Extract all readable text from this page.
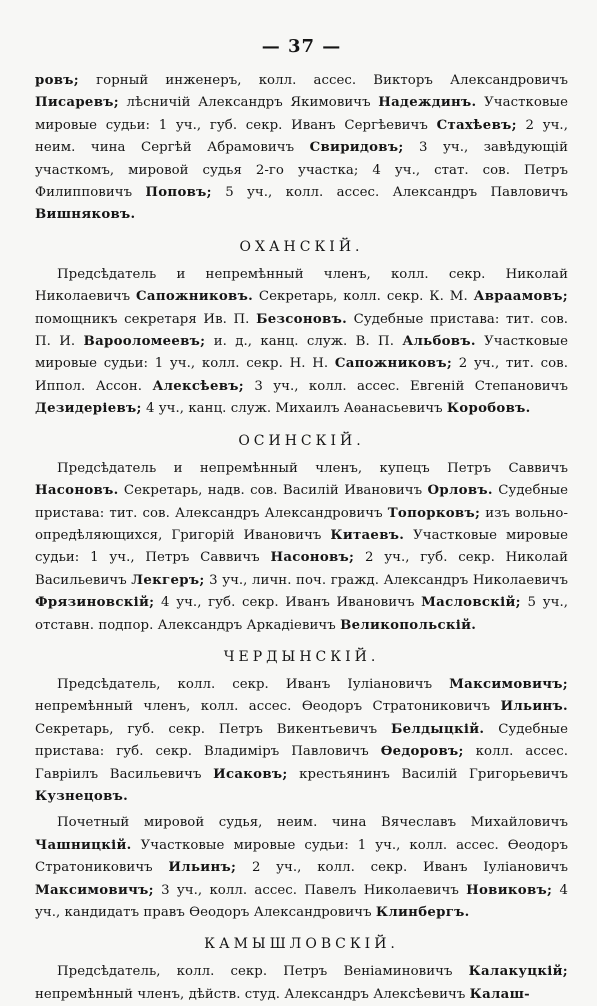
— 37 —

ровъ; горный инженеръ, колл. ассес. Викторъ Александровичъ Писаревъ; лѣсничій Александръ Якимовичъ Надеждинъ. Участковые мировые судьи: 1 уч., губ. секр. Иванъ Сергѣевичъ Стахѣевъ; 2 уч., неим. чина Сергѣй Абрамовичъ Свиридовъ; 3 уч., завѣдующій участкомъ, мировой судья 2-го участка; 4 уч., стат. сов. Петръ Филипповичъ Поповъ; 5 уч., колл. ассес. Александръ Павловичъ Вишняковъ.

ОХАНСКІЙ.

Предсѣдатель и непремѣнный членъ, колл. секр. Николай Николаевичъ Сапожниковъ. Секретарь, колл. секр. К. М. Авраамовъ; помощникъ секретаря Ив. П. Безсоновъ. Судебные пристава: тит. сов. П. И. Варооломеевъ; и. д., канц. служ. В. П. Альбовъ. Участковые мировые судьи: 1 уч., колл. секр. Н. Н. Сапожниковъ; 2 уч., тит. сов. Иппол. Ассон. Алексѣевъ; 3 уч., колл. ассес. Евгеній Степановичъ Дезидеріевъ; 4 уч., канц. служ. Михаилъ Аѳанасьевичъ Коробовъ.

ОСИНСКІЙ.

Предсѣдатель и непремѣнный членъ, купецъ Петръ Саввичъ Насоновъ. Секретарь, надв. сов. Василій Ивановичъ Орловъ. Судебные пристава: тит. сов. Александръ Александровичъ Топорковъ; изъ вольно-опредѣляющихся, Григорій Ивановичъ Китаевъ. Участковые мировые судьи: 1 уч., Петръ Саввичъ Насоновъ; 2 уч., губ. секр. Николай Васильевичъ Лекгеръ; 3 уч., личн. поч. гражд. Александръ Николаевичъ Фрязиновскій; 4 уч., губ. секр. Иванъ Ивановичъ Масловскій; 5 уч., отставн. подпор. Александръ Аркадіевичъ Великопольскій.

ЧЕРДЫНСКІЙ.

Предсѣдатель, колл. секр. Иванъ Іуліановичъ Максимовичъ; непремѣнный членъ, колл. ассес. Ѳеодоръ Стратониковичъ Ильинъ. Секретарь, губ. секр. Петръ Викентьевичъ Белдыцкій. Судебные пристава: губ. секр. Владиміръ Павловичъ Ѳедоровъ; колл. ассес. Гавріилъ Васильевичъ Исаковъ; крестьянинъ Василій Григорьевичъ Кузнецовъ.

Почетный мировой судья, неим. чина Вячеславъ Михайловичъ Чашницкій. Участковые мировые судьи: 1 уч., колл. ассес. Ѳеодоръ Стратониковичъ Ильинъ; 2 уч., колл. секр. Иванъ Іуліановичъ Максимовичъ; 3 уч., колл. ассес. Павелъ Николаевичъ Новиковъ; 4 уч., кандидатъ правъ Ѳеодоръ Александровичъ Клинбергъ.

КАМЫШЛОВСКІЙ.

Предсѣдатель, колл. секр. Петръ Веніаминовичъ Калакуцкій; непремѣнный членъ, дѣйств. студ. Александръ Алексѣевичъ Калаш-
